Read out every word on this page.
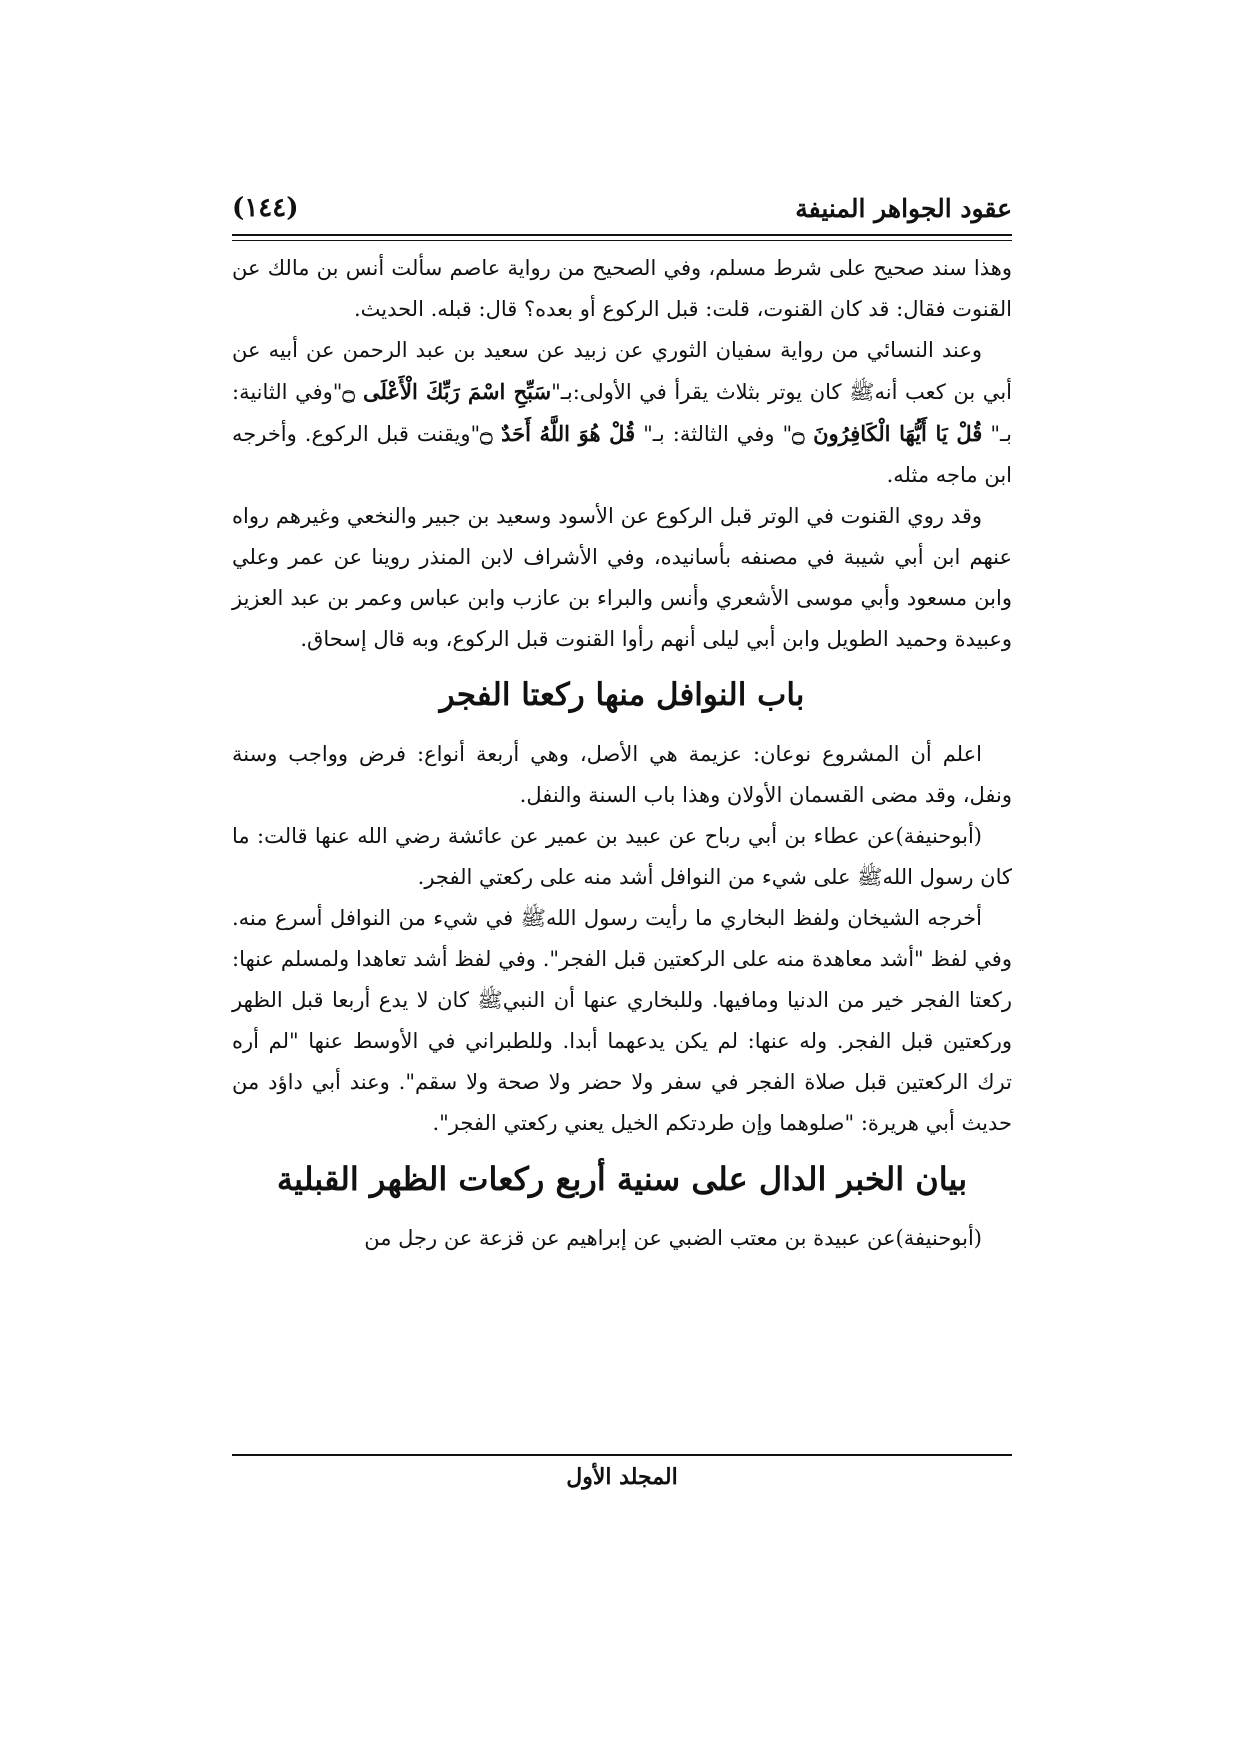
عقود الجواهر المنيفة
(١٤٤)

وهذا سند صحيح على شرط مسلم، وفي الصحيح من رواية عاصم سألت أنس بن مالك عن القنوت فقال: قد كان القنوت، قلت: قبل الركوع أو بعده؟ قال: قبله. الحديث.

وعند النسائي من رواية سفيان الثوري عن زبيد عن سعيد بن عبد الرحمن عن أبيه عن أبي بن كعب أنهﷺ كان يوتر بثلاث يقرأ في الأولى:بـ"سَبِّحِ اسْمَ رَبِّكَ الْأَعْلَى ۝"وفي الثانية: بـ" قُلْ يَا أَيُّهَا الْكَافِرُونَ ۝" وفي الثالثة: بـ" قُلْ هُوَ اللَّهُ أَحَدٌ ۝"ويقنت قبل الركوع. وأخرجه ابن ماجه مثله.

وقد روي القنوت في الوتر قبل الركوع عن الأسود وسعيد بن جبير والنخعي وغيرهم رواه عنهم ابن أبي شيبة في مصنفه بأسانيده، وفي الأشراف لابن المنذر روينا عن عمر وعلي وابن مسعود وأبي موسى الأشعري وأنس والبراء بن عازب وابن عباس وعمر بن عبد العزيز وعبيدة وحميد الطويل وابن أبي ليلى أنهم رأوا القنوت قبل الركوع، وبه قال إسحاق.

باب النوافل منها ركعتا الفجر

اعلم أن المشروع نوعان: عزيمة هي الأصل، وهي أربعة أنواع: فرض وواجب وسنة ونفل، وقد مضى القسمان الأولان وهذا باب السنة والنفل.

(أبوحنيفة)عن عطاء بن أبي رباح عن عبيد بن عمير عن عائشة رضي الله عنها قالت: ما كان رسول اللهﷺ على شيء من النوافل أشد منه على ركعتي الفجر.

أخرجه الشيخان ولفظ البخاري ما رأيت رسول اللهﷺ في شيء من النوافل أسرع منه. وفي لفظ "أشد معاهدة منه على الركعتين قبل الفجر". وفي لفظ أشد تعاهدا ولمسلم عنها: ركعتا الفجر خير من الدنيا ومافيها. وللبخاري عنها أن النبيﷺ كان لا يدع أربعا قبل الظهر وركعتين قبل الفجر. وله عنها: لم يكن يدعهما أبدا. وللطبراني في الأوسط عنها "لم أره ترك الركعتين قبل صلاة الفجر في سفر ولا حضر ولا صحة ولا سقم". وعند أبي داؤد من حديث أبي هريرة: "صلوهما وإن طردتكم الخيل يعني ركعتي الفجر".

بيان الخبر الدال على سنية أربع ركعات الظهر القبلية

(أبوحنيفة)عن عبيدة بن معتب الضبي عن إبراهيم عن قزعة عن رجل من

المجلد الأول
